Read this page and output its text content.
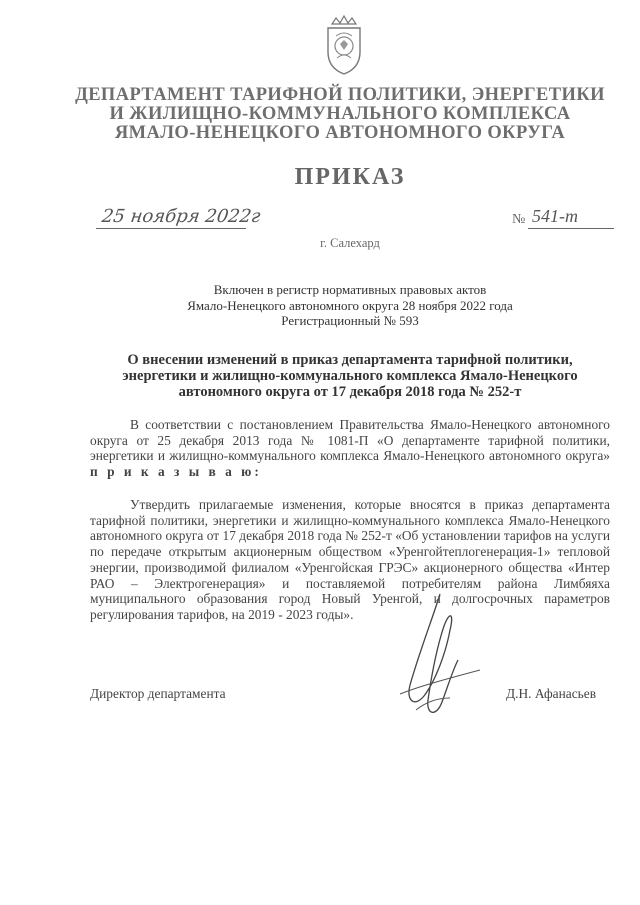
ДЕПАРТАМЕНТ ТАРИФНОЙ ПОЛИТИКИ, ЭНЕРГЕТИКИ
И ЖИЛИЩНО-КОММУНАЛЬНОГО КОМПЛЕКСА
ЯМАЛО-НЕНЕЦКОГО АВТОНОМНОГО ОКРУГА
ПРИКАЗ
25 ноября 2022г	№ 541-т
г. Салехард
Включен в регистр нормативных правовых актов
Ямало-Ненецкого автономного округа 28 ноября 2022 года
Регистрационный № 593
О внесении изменений в приказ департамента тарифной политики,
энергетики и жилищно-коммунального комплекса Ямало-Ненецкого
автономного округа от 17 декабря 2018 года № 252-т
В соответствии с постановлением Правительства Ямало-Ненецкого автономного округа от 25 декабря 2013 года № 1081-П «О департаменте тарифной политики, энергетики и жилищно-коммунального комплекса Ямало-Ненецкого автономного округа» п р и к а з ы в а ю:
Утвердить прилагаемые изменения, которые вносятся в приказ департамента тарифной политики, энергетики и жилищно-коммунального комплекса Ямало-Ненецкого автономного округа от 17 декабря 2018 года № 252-т «Об установлении тарифов на услуги по передаче открытым акционерным обществом «Уренгойтеплогенерация-1» тепловой энергии, производимой филиалом «Уренгойская ГРЭС» акционерного общества «Интер РАО – Электрогенерация» и поставляемой потребителям района Лимбяяха муниципального образования город Новый Уренгой, и долгосрочных параметров регулирования тарифов, на 2019 - 2023 годы».
Директор департамента	Д.Н. Афанасьев
